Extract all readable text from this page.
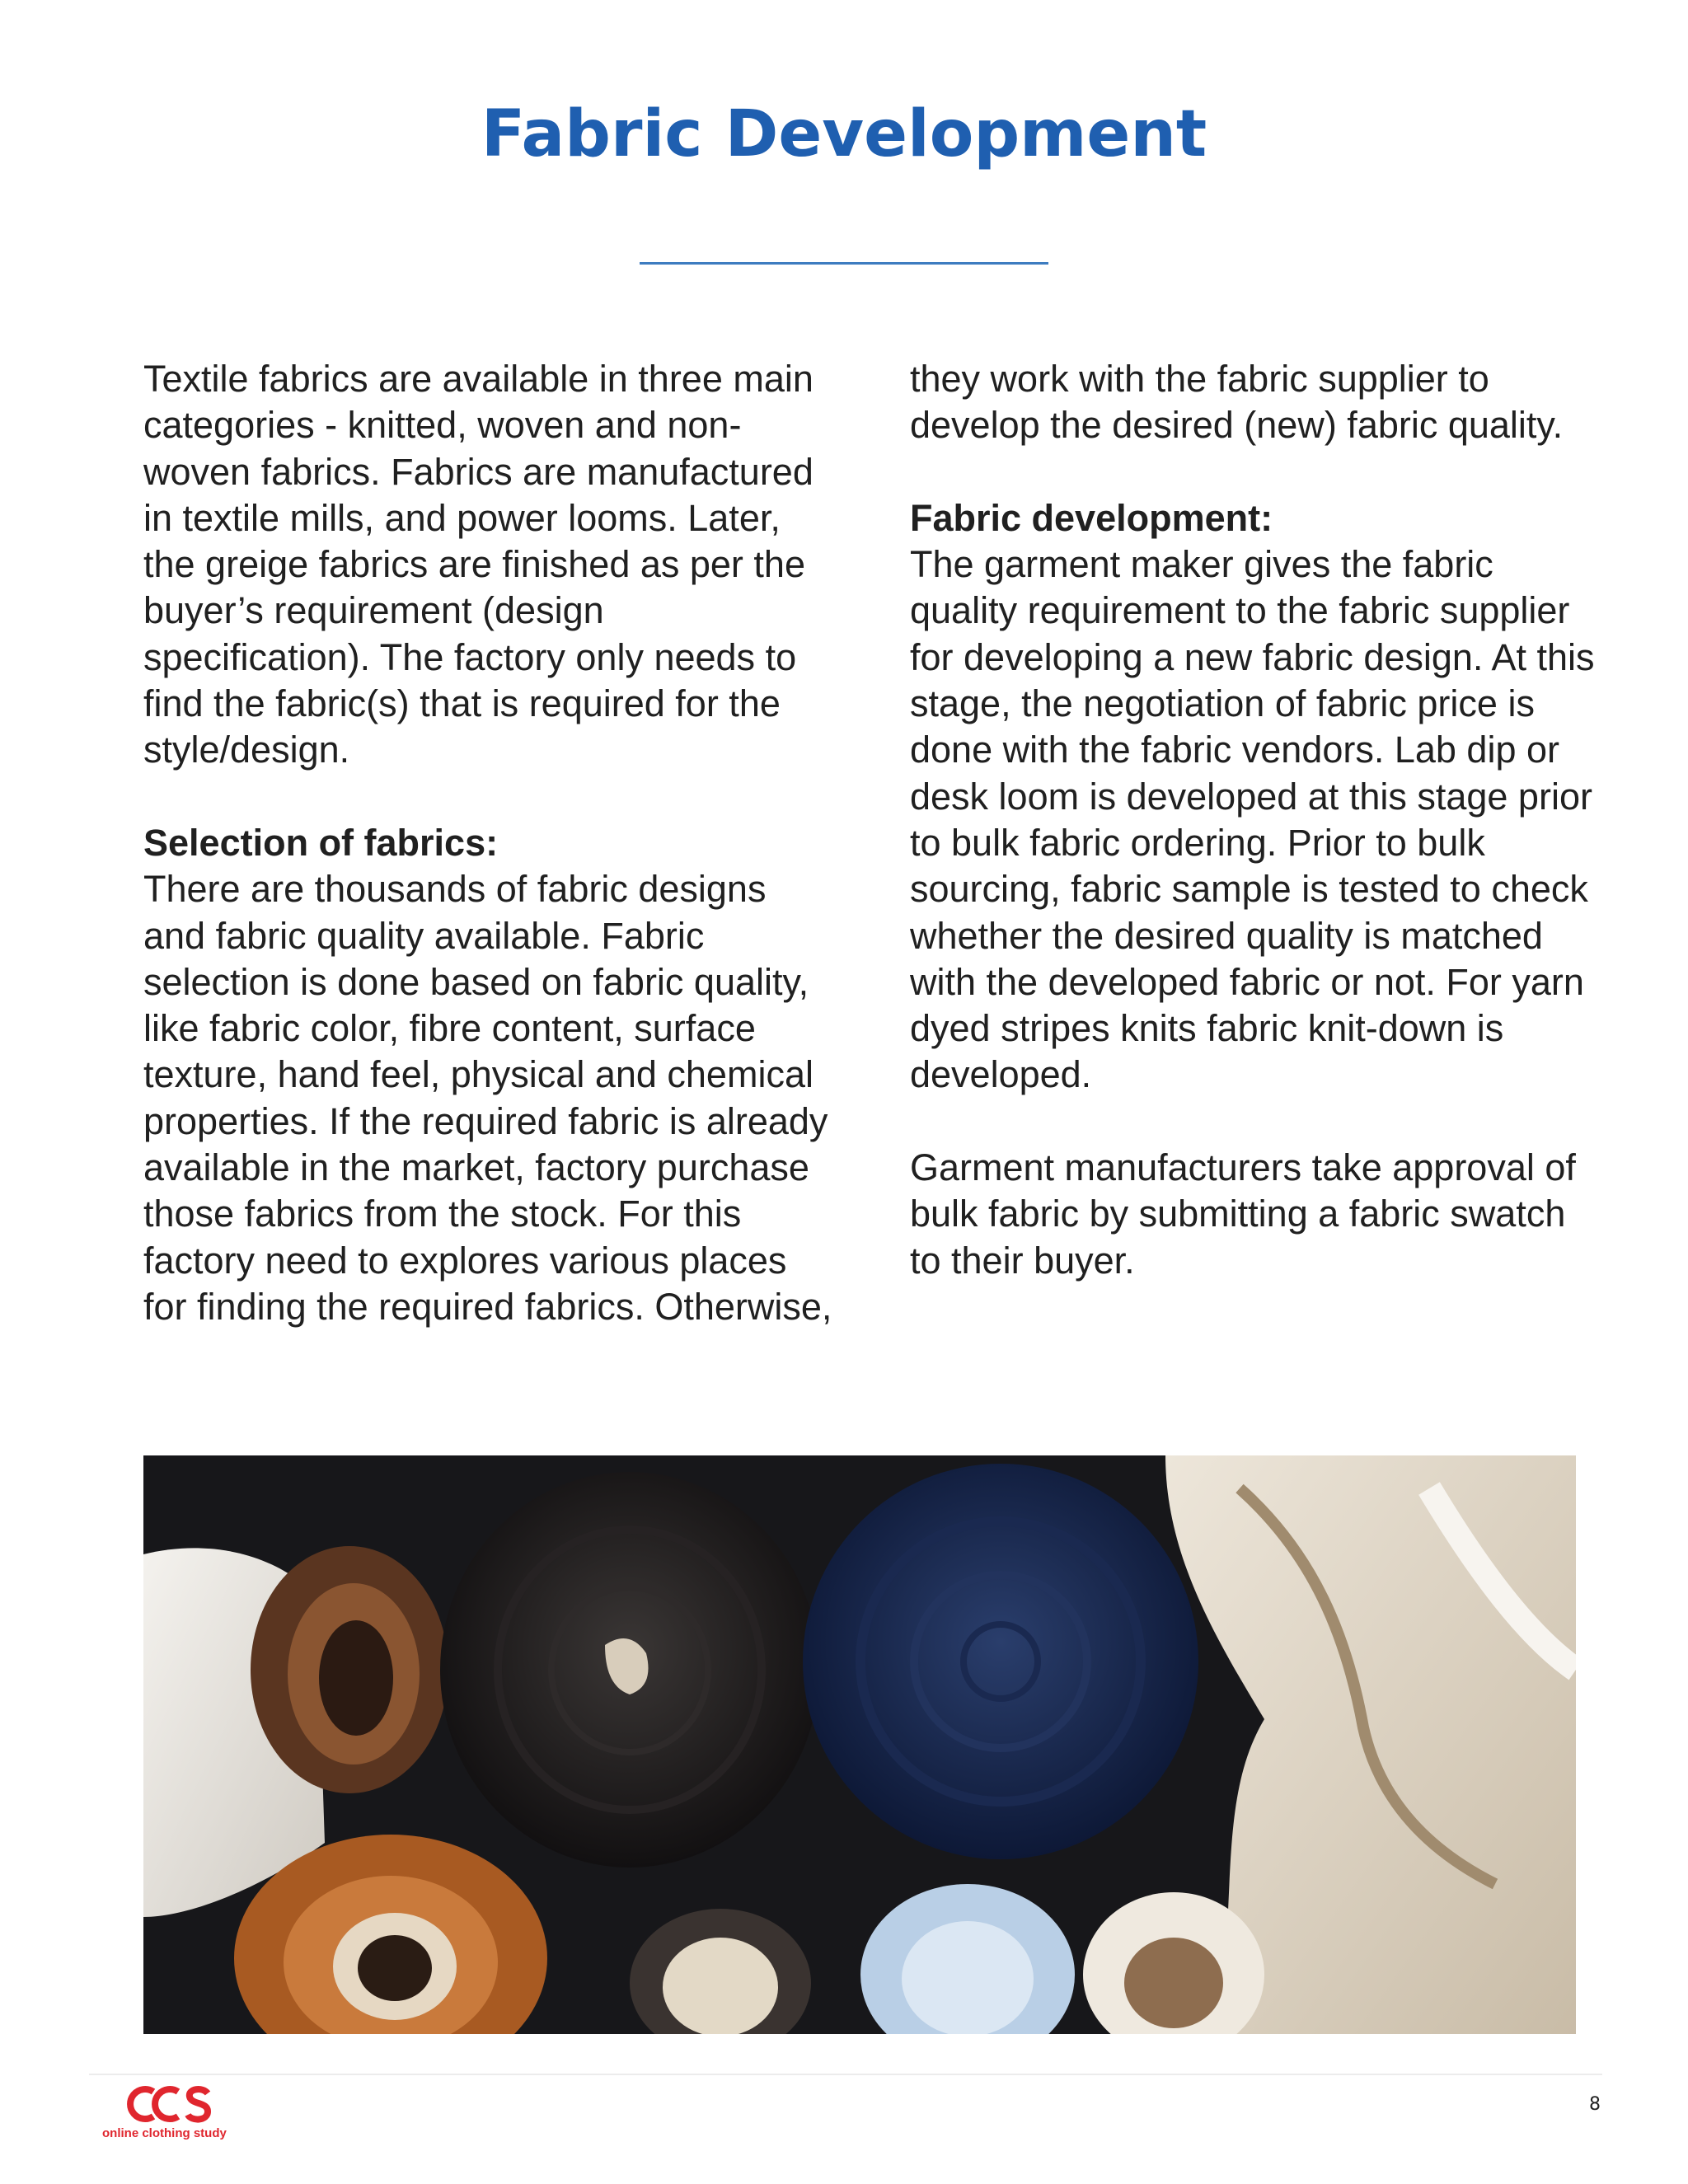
Fabric Development

Textile fabrics are available in three main categories - knitted, woven and non-woven fabrics. Fabrics are manufactured in textile mills, and power looms. Later, the greige fabrics are finished as per the buyer’s requirement (design specification). The factory only needs to find the fabric(s) that is required for the style/design.

Selection of fabrics:
There are thousands of fabric designs and fabric quality available. Fabric selection is done based on fabric quality, like fabric color, fibre content, surface texture, hand feel, physical and chemical properties. If the required fabric is already available in the market, factory purchase those fabrics from the stock. For this factory need to explores various places for finding the required fabrics. Otherwise,

they work with the fabric supplier to develop the desired (new) fabric quality.

Fabric development:
The garment maker gives the fabric quality requirement to the fabric supplier for developing a new fabric design. At this stage, the negotiation of fabric price is done with the fabric vendors. Lab dip or desk loom is developed at this stage prior to bulk fabric ordering. Prior to bulk sourcing, fabric sample is tested to check whether the desired quality is matched with the developed fabric or not. For yarn dyed stripes knits fabric knit-down is developed.

Garment manufacturers take approval of bulk fabric by submitting a fabric swatch to their buyer.

online clothing study
8
